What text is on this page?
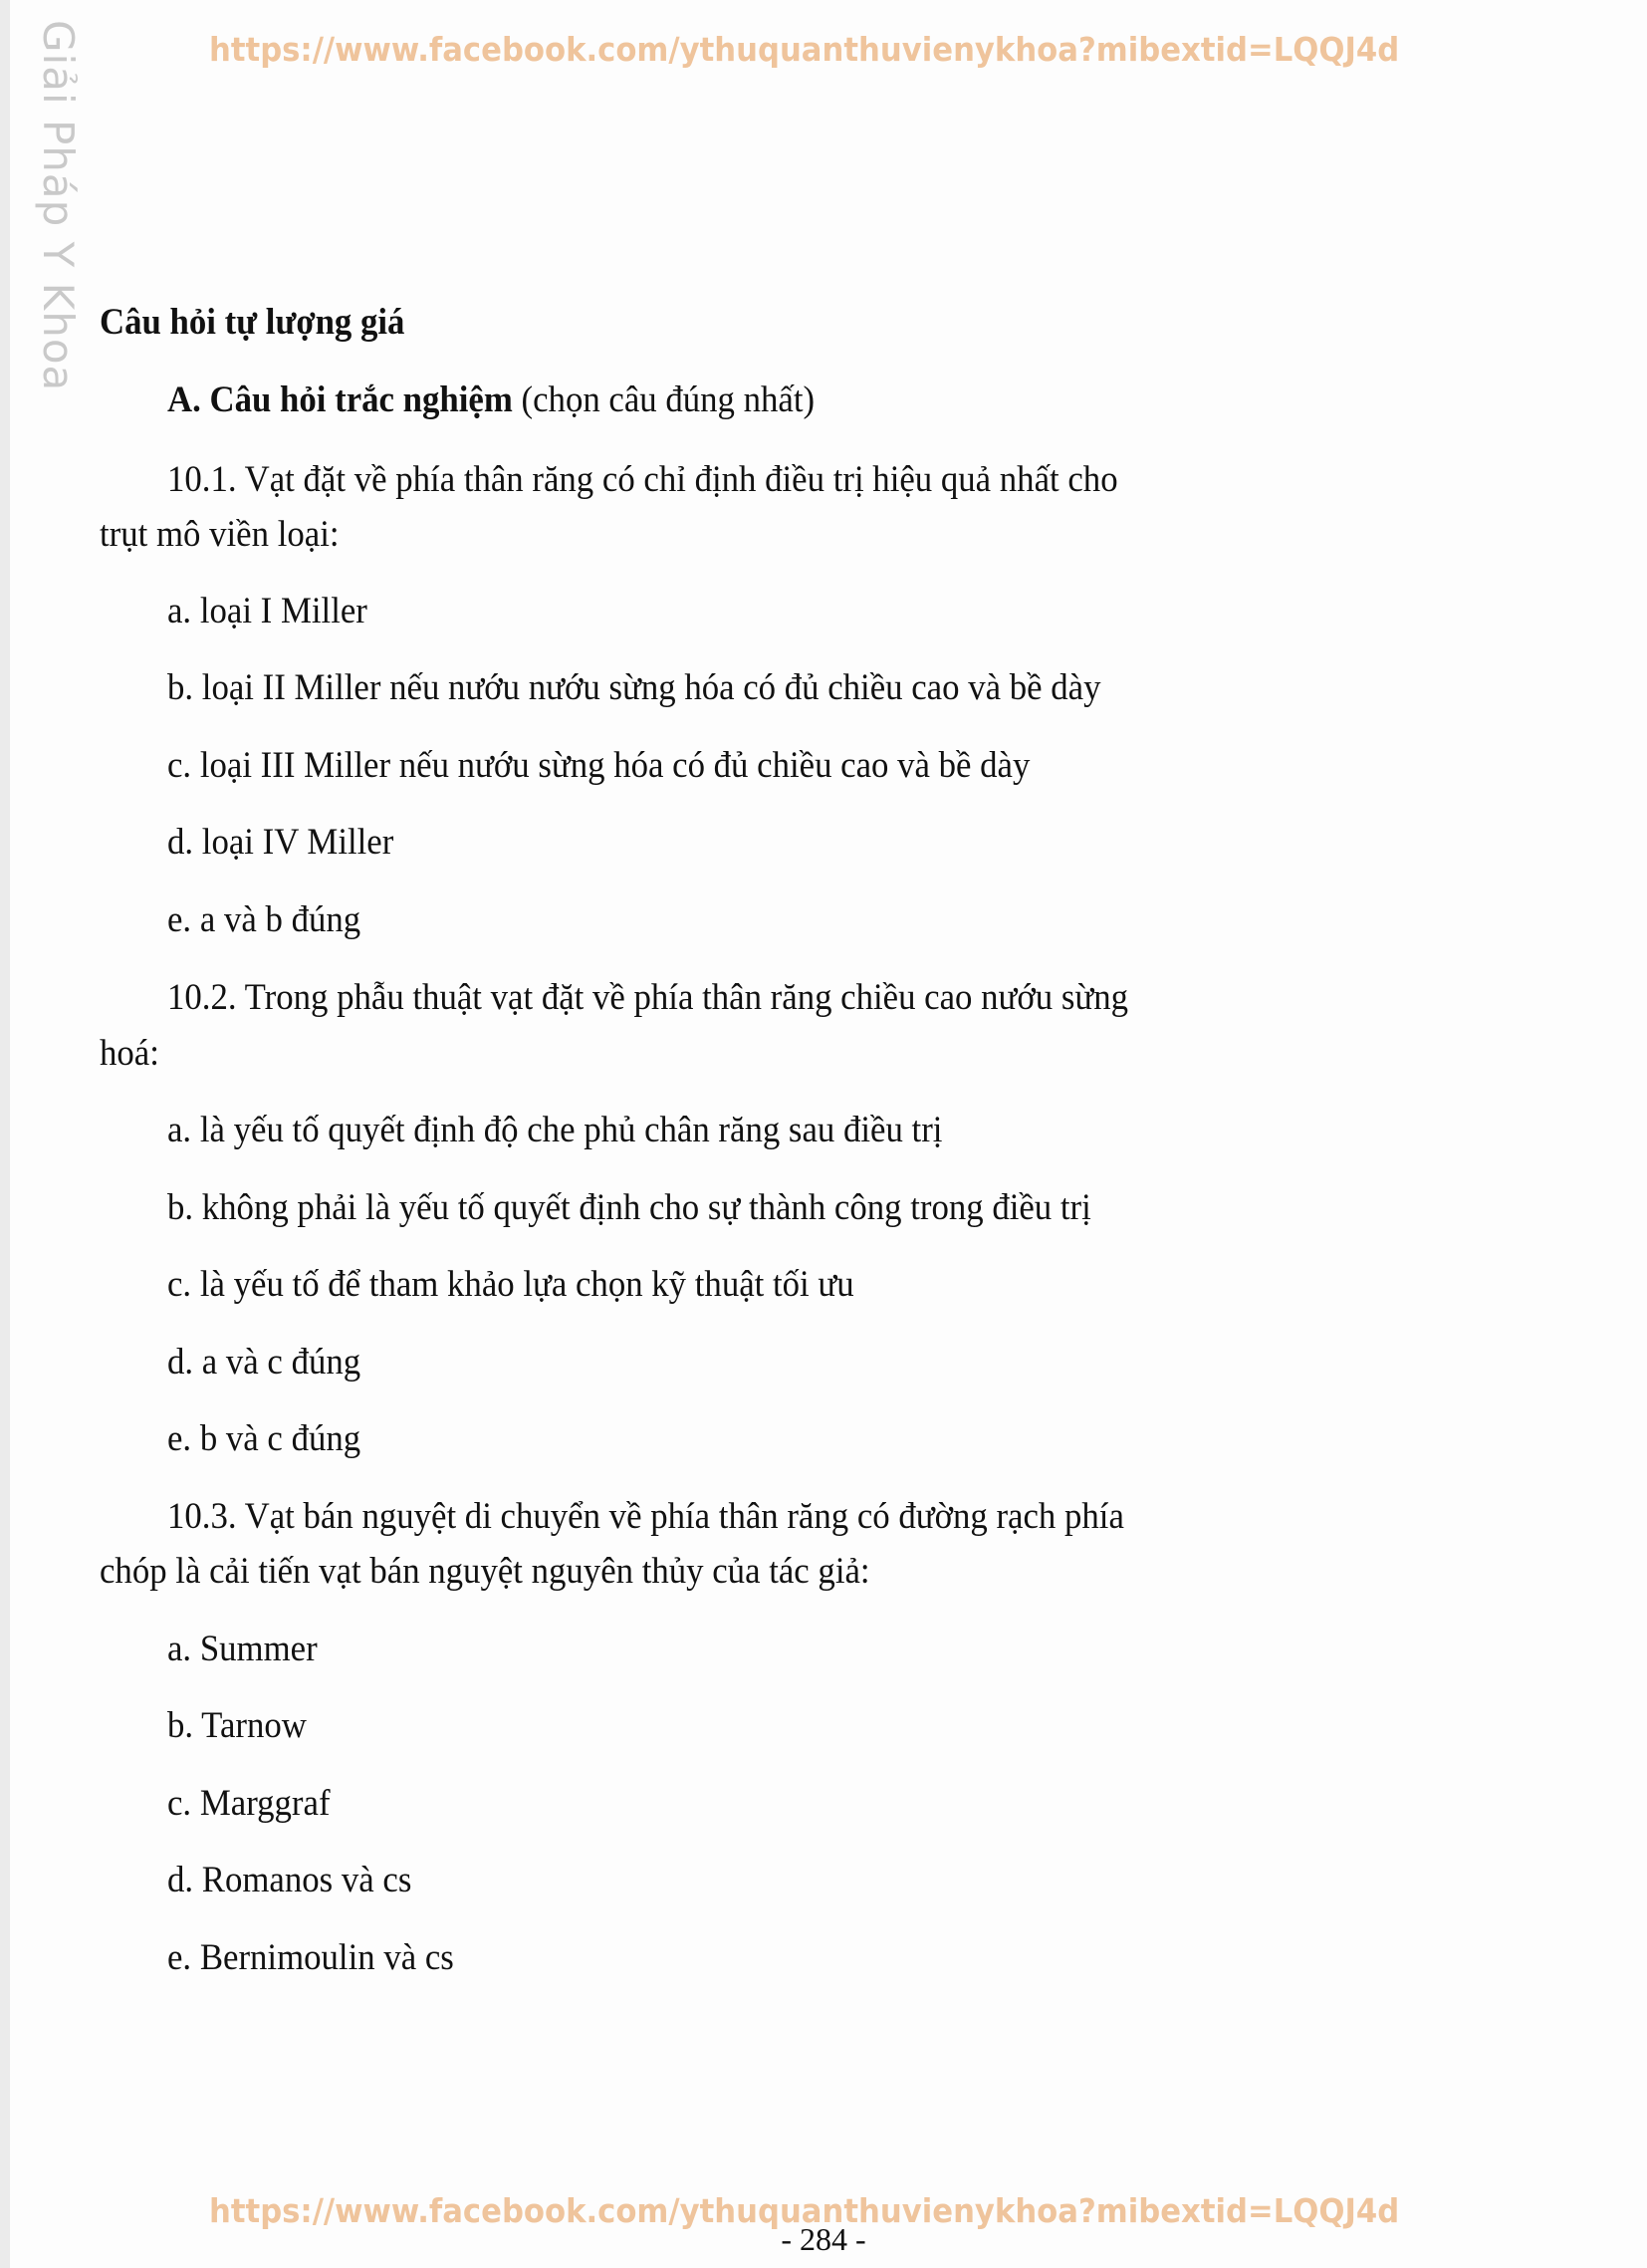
Giải Pháp Y Khoa	https://www.facebook.com/ythuquanthuvienykhoa?mibextid=LQQJ4d
Câu hỏi tự lượng giá
A. Câu hỏi trắc nghiệm (chọn câu đúng nhất)
10.1. Vạt đặt về phía thân răng có chỉ định điều trị hiệu quả nhất cho
trụt mô viền loại:
a. loại I Miller
b. loại II Miller nếu nướu nướu sừng hóa có đủ chiều cao và bề dày
c. loại III Miller nếu nướu sừng hóa có đủ chiều cao và bề dày
d. loại IV Miller
e. a và b đúng
10.2. Trong phẫu thuật vạt đặt về phía thân răng chiều cao nướu sừng
hoá:
a. là yếu tố quyết định độ che phủ chân răng sau điều trị
b. không phải là yếu tố quyết định cho sự thành công trong điều trị
c. là yếu tố để tham khảo lựa chọn kỹ thuật tối ưu
d. a và c đúng
e. b và c đúng
10.3. Vạt bán nguyệt di chuyển về phía thân răng có đường rạch phía
chóp là cải tiến vạt bán nguyệt nguyên thủy của tác giả:
a. Summer
b. Tarnow
c. Marggraf
d. Romanos và cs
e. Bernimoulin và cs
- 284 -
https://www.facebook.com/ythuquanthuvienykhoa?mibextid=LQQJ4d
